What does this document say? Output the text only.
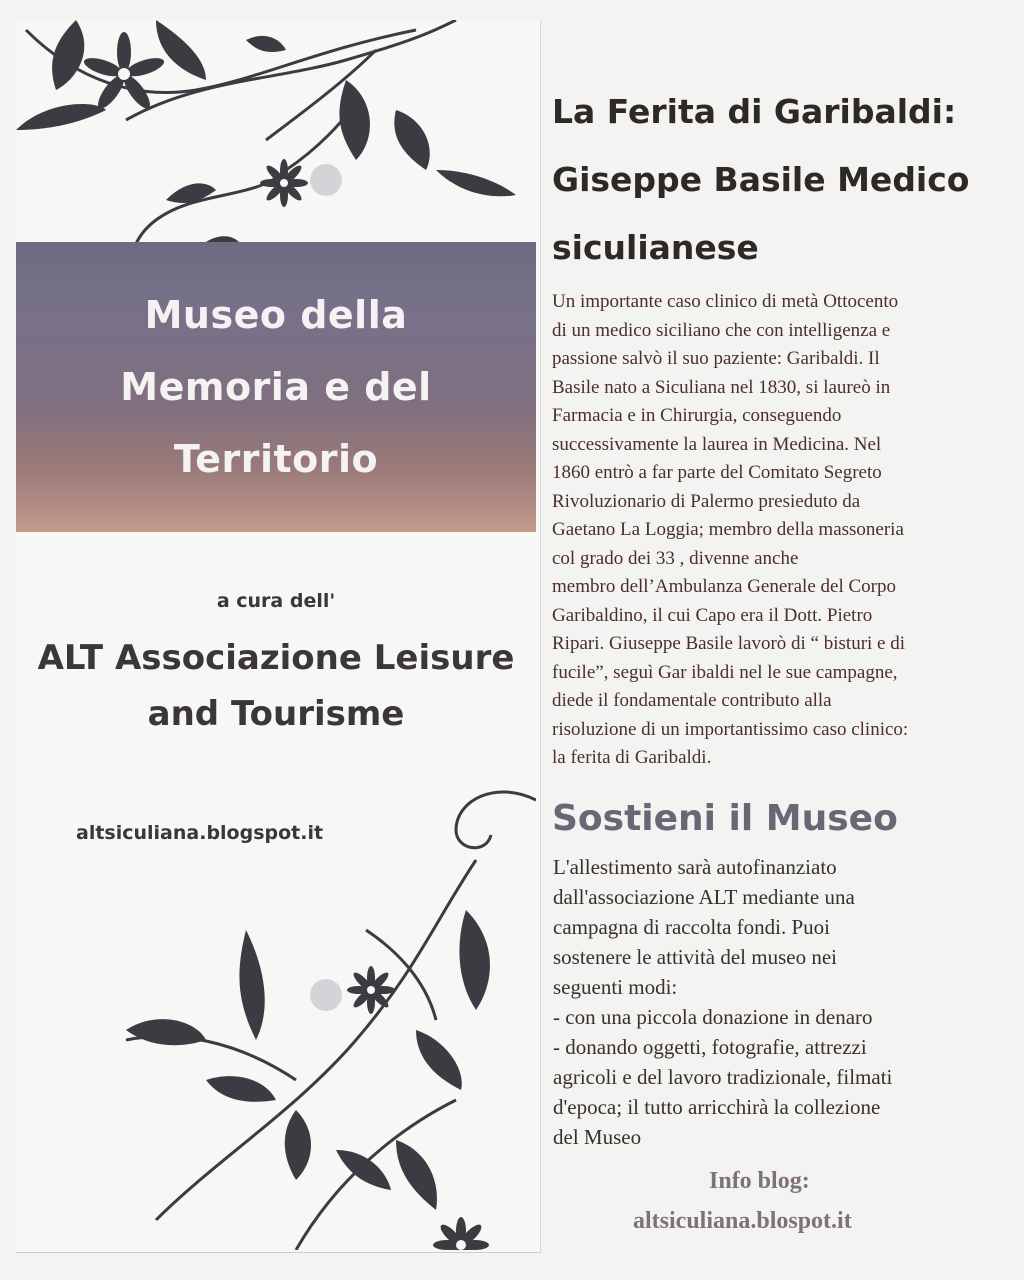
Museo della Memoria e del Territorio
a cura dell'
ALT Associazione Leisure and Tourisme
altsiculiana.blogspot.it
La Ferita di Garibaldi: Giseppe Basile Medico siculianese

Un importante caso clinico di metà Ottocento
di un medico siciliano che con intelligenza e
passione salvò il suo paziente: Garibaldi. Il
Basile nato a Siculiana nel 1830, si laureò in
Farmacia e in Chirurgia, conseguendo
successivamente la laurea in Medicina. Nel
1860 entrò a far parte del Comitato Segreto
Rivoluzionario di Palermo presieduto da
Gaetano La Loggia; membro della massoneria
col grado dei 33 , divenne anche
membro dell’Ambulanza Generale del Corpo
Garibaldino, il cui Capo era il Dott. Pietro
Ripari. Giuseppe Basile lavorò di “ bisturi e di
fucile”, seguì Gar ibaldi nel le sue campagne,
diede il fondamentale contributo alla
risoluzione di un importantissimo caso clinico:
la ferita di Garibaldi.

Sostieni il Museo
L'allestimento sarà autofinanziato
dall'associazione ALT mediante una
campagna di raccolta fondi. Puoi
sostenere le attività del museo nei
seguenti modi:
- con una piccola donazione in denaro
- donando oggetti, fotografie, attrezzi
agricoli e del lavoro tradizionale, filmati
d'epoca; il tutto arricchirà la collezione
del Museo
Info blog:
altsiculiana.blospot.it
